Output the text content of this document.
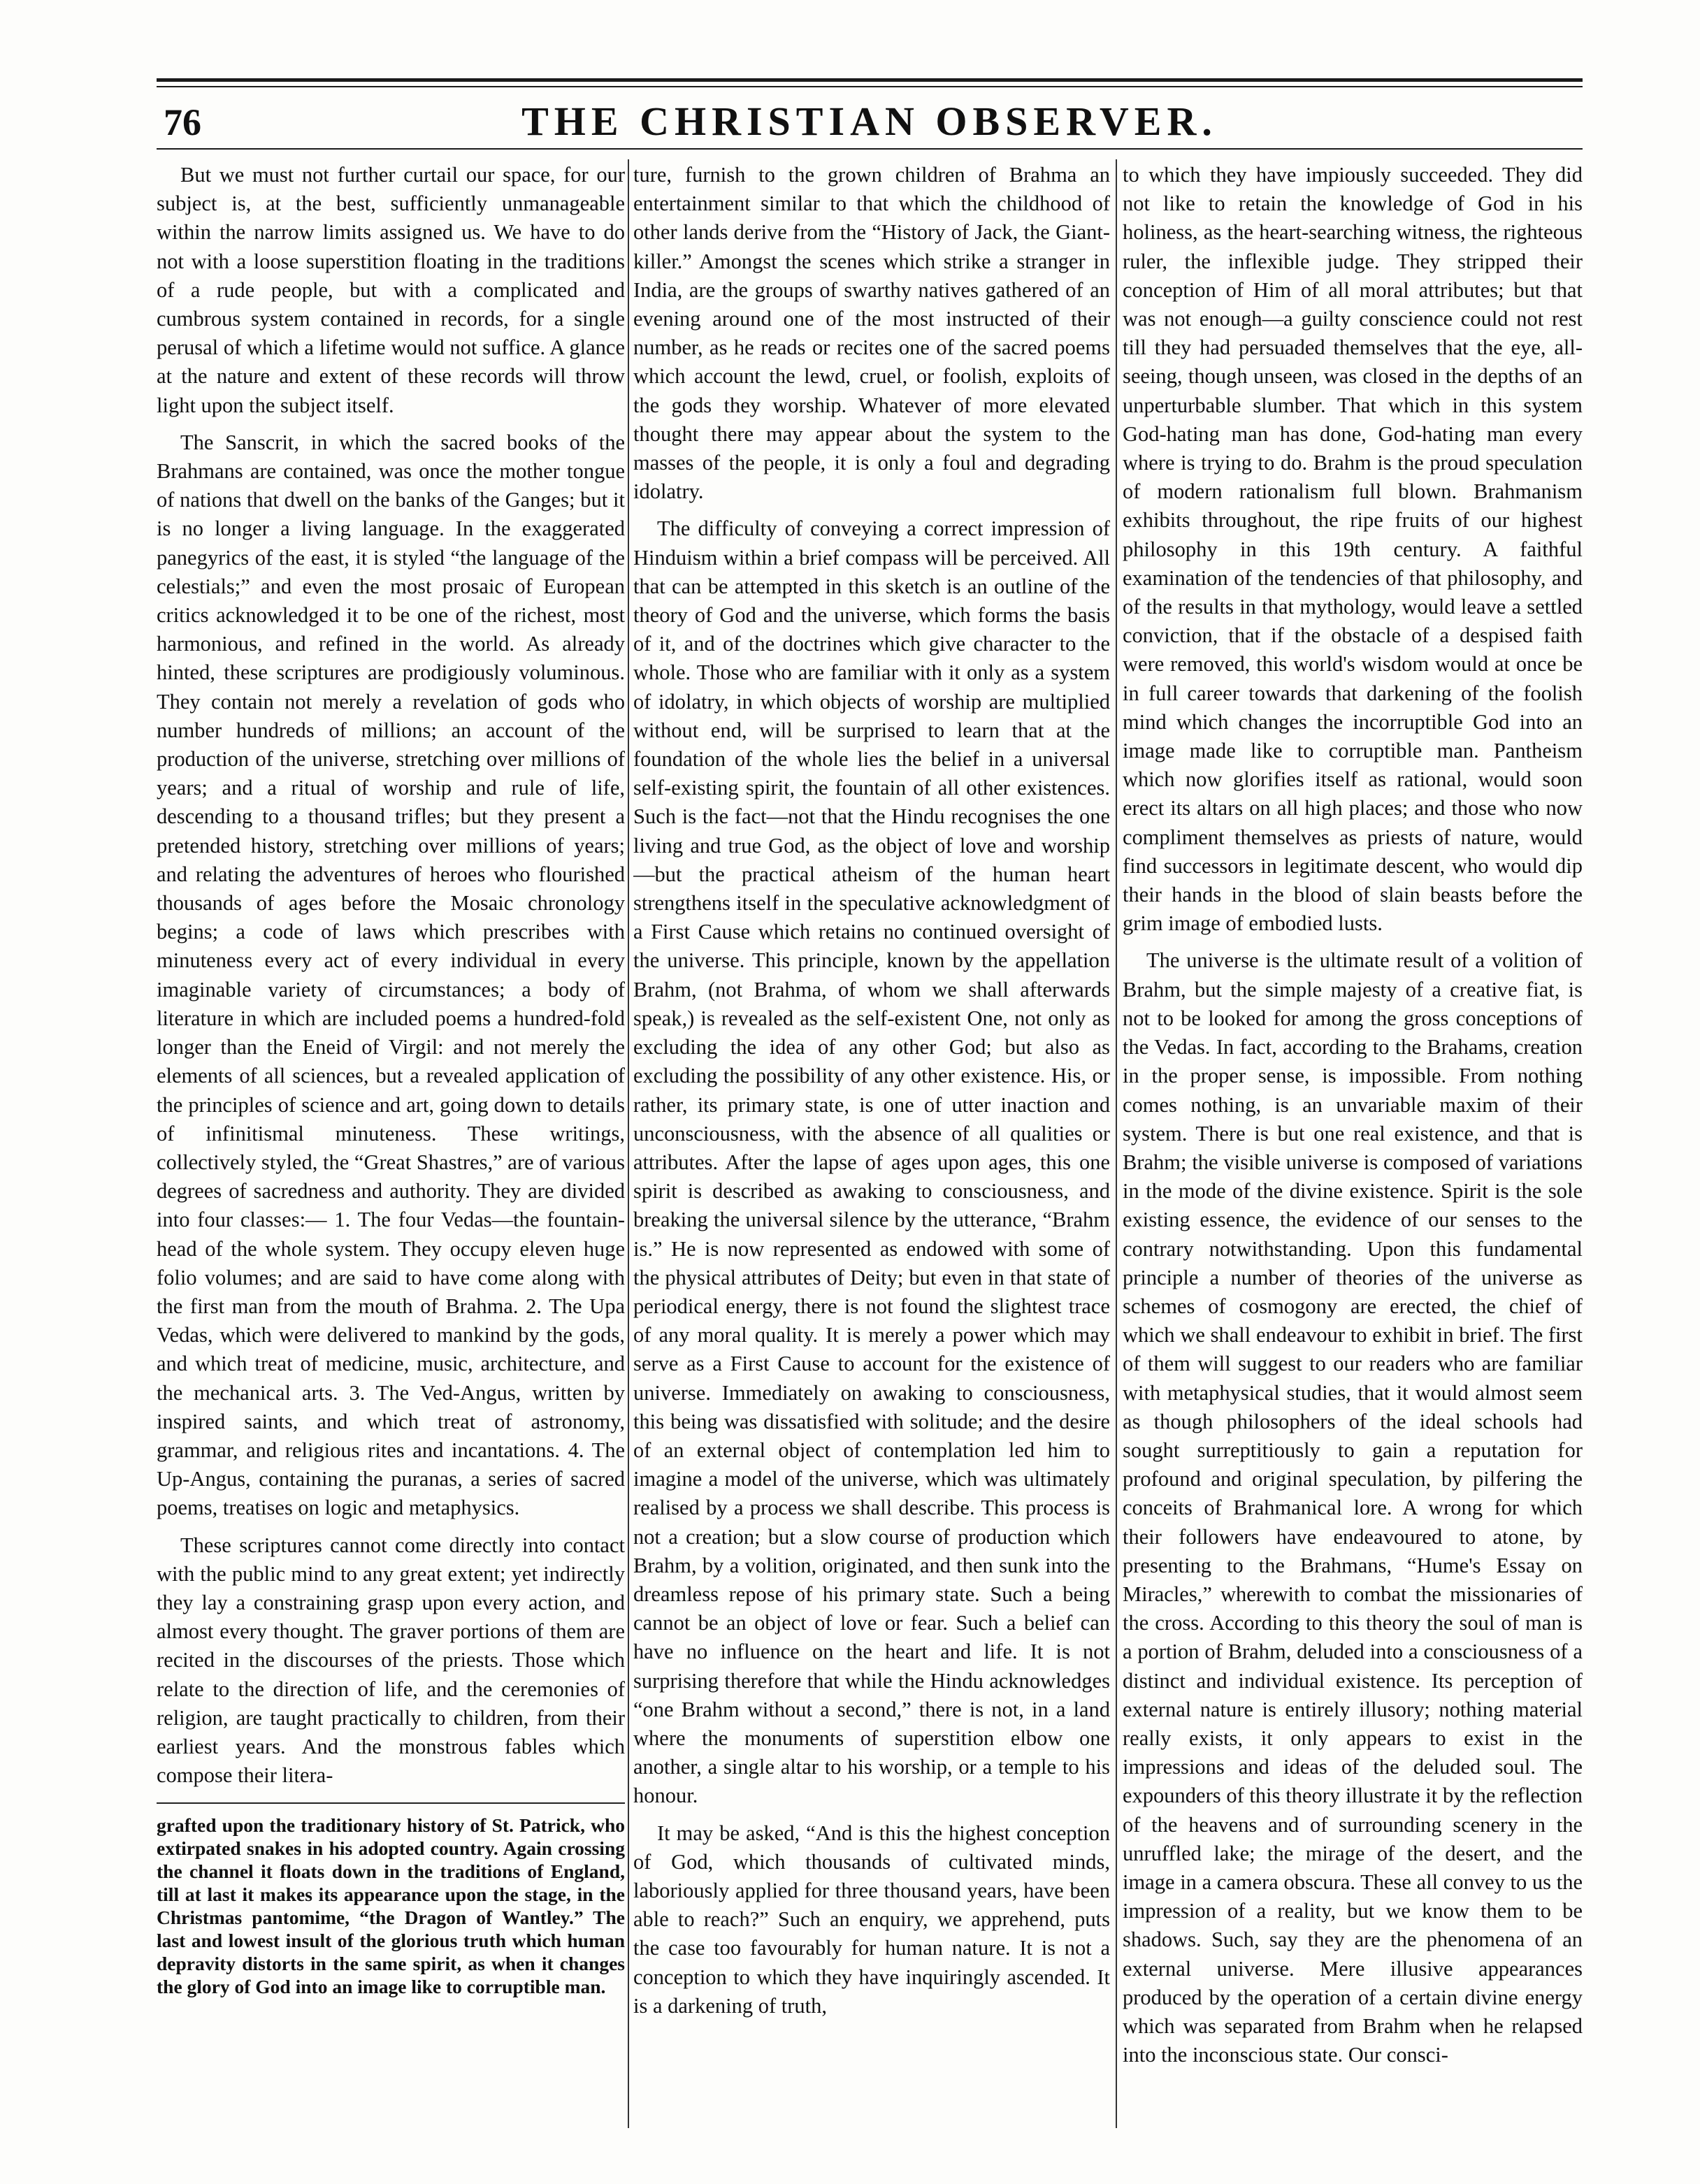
76	THE CHRISTIAN OBSERVER.

But we must not further curtail our space, for our subject is, at the best, sufficiently unmanageable within the narrow limits assigned us. We have to do not with a loose superstition floating in the traditions of a rude people, but with a complicated and cumbrous system contained in records, for a single perusal of which a lifetime would not suffice. A glance at the nature and extent of these records will throw light upon the subject itself.

The Sanscrit, in which the sacred books of the Brahmans are contained, was once the mother tongue of nations that dwell on the banks of the Ganges; but it is no longer a living language. In the exaggerated panegyrics of the east, it is styled “the language of the celestials;” and even the most prosaic of European critics acknowledged it to be one of the richest, most harmonious, and refined in the world. As already hinted, these scriptures are prodigiously voluminous. They contain not merely a revelation of gods who number hundreds of millions; an account of the production of the universe, stretching over millions of years; and a ritual of worship and rule of life, descending to a thousand trifles; but they present a pretended history, stretching over millions of years; and relating the adventures of heroes who flourished thousands of ages before the Mosaic chronology begins; a code of laws which prescribes with minuteness every act of every individual in every imaginable variety of circumstances; a body of literature in which are included poems a hundred-fold longer than the Eneid of Virgil: and not merely the elements of all sciences, but a revealed application of the principles of science and art, going down to details of infinitismal minuteness. These writings, collectively styled, the “Great Shastres,” are of various degrees of sacredness and authority. They are divided into four classes:— 1. The four Vedas—the fountain-head of the whole system. They occupy eleven huge folio volumes; and are said to have come along with the first man from the mouth of Brahma. 2. The Upa Vedas, which were delivered to mankind by the gods, and which treat of medicine, music, architecture, and the mechanical arts. 3. The Ved-Angus, written by inspired saints, and which treat of astronomy, grammar, and religious rites and incantations. 4. The Up-Angus, containing the puranas, a series of sacred poems, treatises on logic and metaphysics.

These scriptures cannot come directly into contact with the public mind to any great extent; yet indirectly they lay a constraining grasp upon every action, and almost every thought. The graver portions of them are recited in the discourses of the priests. Those which relate to the direction of life, and the ceremonies of religion, are taught practically to children, from their earliest years. And the monstrous fables which compose their litera-

grafted upon the traditionary history of St. Patrick, who extirpated snakes in his adopted country. Again crossing the channel it floats down in the traditions of England, till at last it makes its appearance upon the stage, in the Christmas pantomime, “the Dragon of Wantley.” The last and lowest insult of the glorious truth which human depravity distorts in the same spirit, as when it changes the glory of God into an image like to corruptible man.

ture, furnish to the grown children of Brahma an entertainment similar to that which the childhood of other lands derive from the “History of Jack, the Giant-killer.” Amongst the scenes which strike a stranger in India, are the groups of swarthy natives gathered of an evening around one of the most instructed of their number, as he reads or recites one of the sacred poems which account the lewd, cruel, or foolish, exploits of the gods they worship. Whatever of more elevated thought there may appear about the system to the masses of the people, it is only a foul and degrading idolatry.

The difficulty of conveying a correct impression of Hinduism within a brief compass will be perceived. All that can be attempted in this sketch is an outline of the theory of God and the universe, which forms the basis of it, and of the doctrines which give character to the whole. Those who are familiar with it only as a system of idolatry, in which objects of worship are multiplied without end, will be surprised to learn that at the foundation of the whole lies the belief in a universal self-existing spirit, the fountain of all other existences. Such is the fact—not that the Hindu recognises the one living and true God, as the object of love and worship—but the practical atheism of the human heart strengthens itself in the speculative acknowledgment of a First Cause which retains no continued oversight of the universe. This principle, known by the appellation Brahm, (not Brahma, of whom we shall afterwards speak,) is revealed as the self-existent One, not only as excluding the idea of any other God; but also as excluding the possibility of any other existence. His, or rather, its primary state, is one of utter inaction and unconsciousness, with the absence of all qualities or attributes. After the lapse of ages upon ages, this one spirit is described as awaking to consciousness, and breaking the universal silence by the utterance, “Brahm is.” He is now represented as endowed with some of the physical attributes of Deity; but even in that state of periodical energy, there is not found the slightest trace of any moral quality. It is merely a power which may serve as a First Cause to account for the existence of universe. Immediately on awaking to consciousness, this being was dissatisfied with solitude; and the desire of an external object of contemplation led him to imagine a model of the universe, which was ultimately realised by a process we shall describe. This process is not a creation; but a slow course of production which Brahm, by a volition, originated, and then sunk into the dreamless repose of his primary state. Such a being cannot be an object of love or fear. Such a belief can have no influence on the heart and life. It is not surprising therefore that while the Hindu acknowledges “one Brahm without a second,” there is not, in a land where the monuments of superstition elbow one another, a single altar to his worship, or a temple to his honour.

It may be asked, “And is this the highest conception of God, which thousands of cultivated minds, laboriously applied for three thousand years, have been able to reach?” Such an enquiry, we apprehend, puts the case too favourably for human nature. It is not a conception to which they have inquiringly ascended. It is a darkening of truth,

to which they have impiously succeeded. They did not like to retain the knowledge of God in his holiness, as the heart-searching witness, the righteous ruler, the inflexible judge. They stripped their conception of Him of all moral attributes; but that was not enough—a guilty conscience could not rest till they had persuaded themselves that the eye, all-seeing, though unseen, was closed in the depths of an unperturbable slumber. That which in this system God-hating man has done, God-hating man every where is trying to do. Brahm is the proud speculation of modern rationalism full blown. Brahmanism exhibits throughout, the ripe fruits of our highest philosophy in this 19th century. A faithful examination of the tendencies of that philosophy, and of the results in that mythology, would leave a settled conviction, that if the obstacle of a despised faith were removed, this world's wisdom would at once be in full career towards that darkening of the foolish mind which changes the incorruptible God into an image made like to corruptible man. Pantheism which now glorifies itself as rational, would soon erect its altars on all high places; and those who now compliment themselves as priests of nature, would find successors in legitimate descent, who would dip their hands in the blood of slain beasts before the grim image of embodied lusts.

The universe is the ultimate result of a volition of Brahm, but the simple majesty of a creative fiat, is not to be looked for among the gross conceptions of the Vedas. In fact, according to the Brahams, creation in the proper sense, is impossible. From nothing comes nothing, is an unvariable maxim of their system. There is but one real existence, and that is Brahm; the visible universe is composed of variations in the mode of the divine existence. Spirit is the sole existing essence, the evidence of our senses to the contrary notwithstanding. Upon this fundamental principle a number of theories of the universe as schemes of cosmogony are erected, the chief of which we shall endeavour to exhibit in brief. The first of them will suggest to our readers who are familiar with metaphysical studies, that it would almost seem as though philosophers of the ideal schools had sought surreptitiously to gain a reputation for profound and original speculation, by pilfering the conceits of Brahmanical lore. A wrong for which their followers have endeavoured to atone, by presenting to the Brahmans, “Hume's Essay on Miracles,” wherewith to combat the missionaries of the cross. According to this theory the soul of man is a portion of Brahm, deluded into a consciousness of a distinct and individual existence. Its perception of external nature is entirely illusory; nothing material really exists, it only appears to exist in the impressions and ideas of the deluded soul. The expounders of this theory illustrate it by the reflection of the heavens and of surrounding scenery in the unruffled lake; the mirage of the desert, and the image in a camera obscura. These all convey to us the impression of a reality, but we know them to be shadows. Such, say they are the phenomena of an external universe. Mere illusive appearances produced by the operation of a certain divine energy which was separated from Brahm when he relapsed into the inconscious state. Our consci-
